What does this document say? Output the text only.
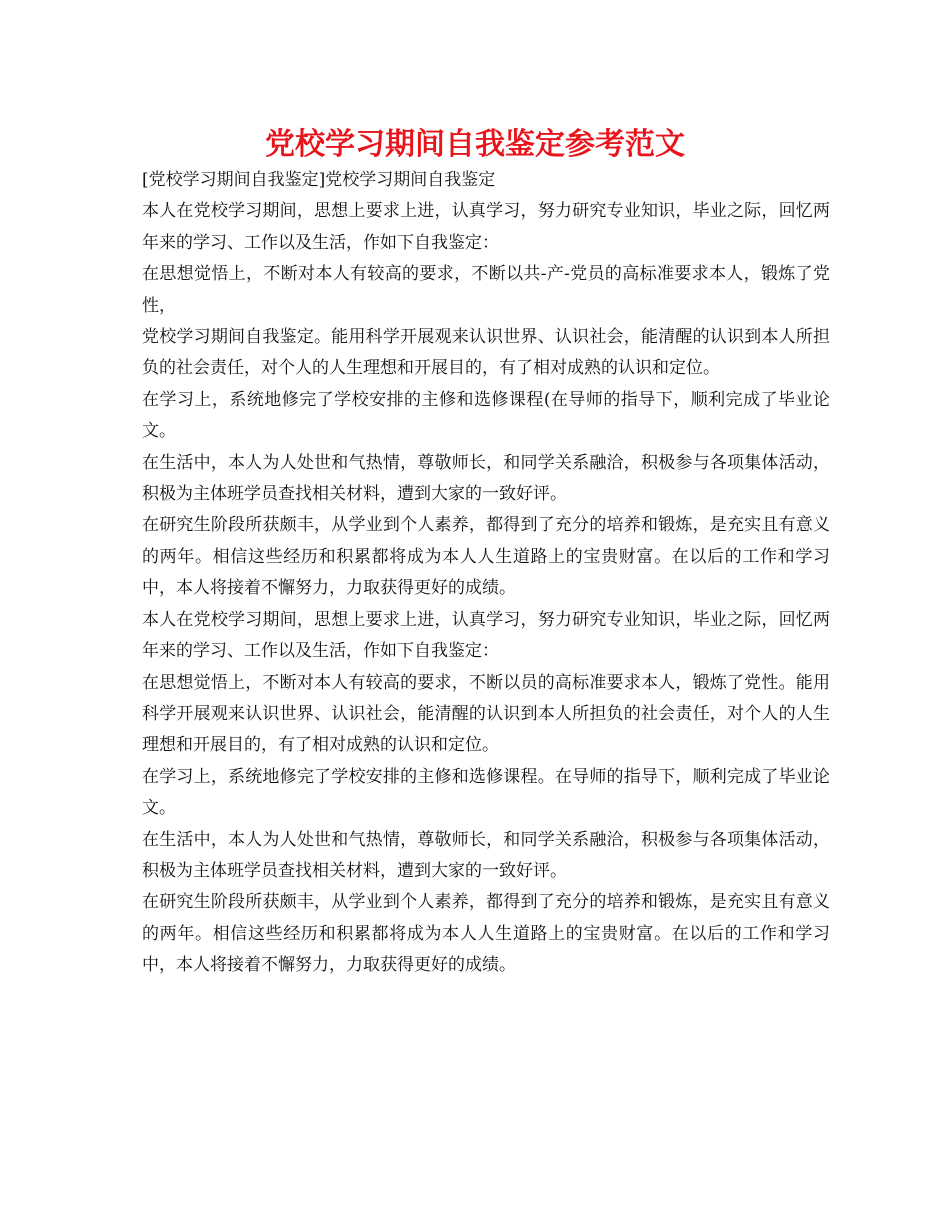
党校学习期间自我鉴定参考范文

[党校学习期间自我鉴定]党校学习期间自我鉴定

本人在党校学习期间，思想上要求上进，认真学习，努力研究专业知识，毕业之际，回忆两年来的学习、工作以及生活，作如下自我鉴定：

在思想觉悟上，不断对本人有较高的要求，不断以共-产-党员的高标准要求本人，锻炼了党性，

党校学习期间自我鉴定。能用科学开展观来认识世界、认识社会，能清醒的认识到本人所担负的社会责任，对个人的人生理想和开展目的，有了相对成熟的认识和定位。

在学习上，系统地修完了学校安排的主修和选修课程(在导师的指导下，顺利完成了毕业论文。

在生活中，本人为人处世和气热情，尊敬师长，和同学关系融洽，积极参与各项集体活动，积极为主体班学员查找相关材料，遭到大家的一致好评。

在研究生阶段所获颇丰，从学业到个人素养，都得到了充分的培养和锻炼，是充实且有意义的两年。相信这些经历和积累都将成为本人人生道路上的宝贵财富。在以后的工作和学习中，本人将接着不懈努力，力取获得更好的成绩。

本人在党校学习期间，思想上要求上进，认真学习，努力研究专业知识，毕业之际，回忆两年来的学习、工作以及生活，作如下自我鉴定：

在思想觉悟上，不断对本人有较高的要求，不断以员的高标准要求本人，锻炼了党性。能用科学开展观来认识世界、认识社会，能清醒的认识到本人所担负的社会责任，对个人的人生理想和开展目的，有了相对成熟的认识和定位。

在学习上，系统地修完了学校安排的主修和选修课程。在导师的指导下，顺利完成了毕业论文。

在生活中，本人为人处世和气热情，尊敬师长，和同学关系融洽，积极参与各项集体活动，积极为主体班学员查找相关材料，遭到大家的一致好评。

在研究生阶段所获颇丰，从学业到个人素养，都得到了充分的培养和锻炼，是充实且有意义的两年。相信这些经历和积累都将成为本人人生道路上的宝贵财富。在以后的工作和学习中，本人将接着不懈努力，力取获得更好的成绩。
